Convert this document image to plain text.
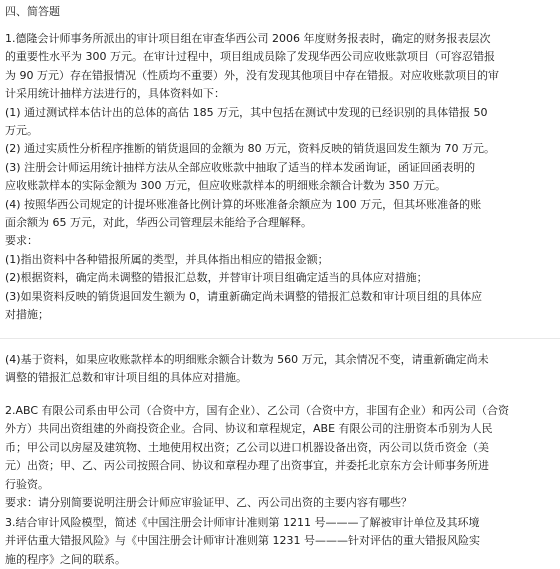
四、简答题

1.德隆会计师事务所派出的审计项目组在审查华西公司 2006 年度财务报表时，确定的财务报表层次

的重要性水平为 300 万元。在审计过程中，项目组成员除了发现华西公司应收账款项目（可容忍错报

为 90 万元）存在错报情况（性质均不重要）外，没有发现其他项目中存在错报。对应收账款项目的审

计采用统计抽样方法进行的，具体资料如下：

(1) 通过测试样本估计出的总体的高估 185 万元，其中包括在测试中发现的已经识别的具体错报 50

万元。

(2) 通过实质性分析程序推断的销货退回的金额为 80 万元，资料反映的销货退回发生额为 70 万元。

(3) 注册会计师运用统计抽样方法从全部应收账款中抽取了适当的样本发函询证，函证回函表明的

应收账款样本的实际金额为 300 万元，但应收账款样本的明细账余额合计数为 350 万元。

(4) 按照华西公司规定的计提坏账准备比例计算的坏账准备余额应为 100 万元，但其坏账准备的账

面余额为 65 万元，对此，华西公司管理层未能给予合理解释。

要求：

(1)指出资料中各种错报所属的类型，并具体指出相应的错报金额；

(2)根据资料，确定尚未调整的错报汇总数，并替审计项目组确定适当的具体应对措施；

(3)如果资料反映的销货退回发生额为 0，请重新确定尚未调整的错报汇总数和审计项目组的具体应

对措施；

(4)基于资料，如果应收账款样本的明细账余额合计数为 560 万元，其余情况不变，请重新确定尚未

调整的错报汇总数和审计项目组的具体应对措施。

2.ABC 有限公司系由甲公司（合资中方，国有企业）、乙公司（合资中方，非国有企业）和丙公司（合资

外方）共同出资组建的外商投资企业。合同、协议和章程规定，ABE 有限公司的注册资本币别为人民

币；甲公司以房屋及建筑物、土地使用权出资；乙公司以进口机器设备出资，丙公司以货币资金（美

元）出资；甲、乙、丙公司按照合同、协议和章程办理了出资事宜，并委托北京东方会计师事务所进

行验资。

要求：请分别简要说明注册会计师应审验证甲、乙、丙公司出资的主要内容有哪些？

3.结合审计风险模型，简述《中国注册会计师审计准则第 1211 号———了解被审计单位及其环境

并评估重大错报风险》与《中国注册会计师审计准则第 1231 号———针对评估的重大错报风险实

施的程序》之间的联系。
